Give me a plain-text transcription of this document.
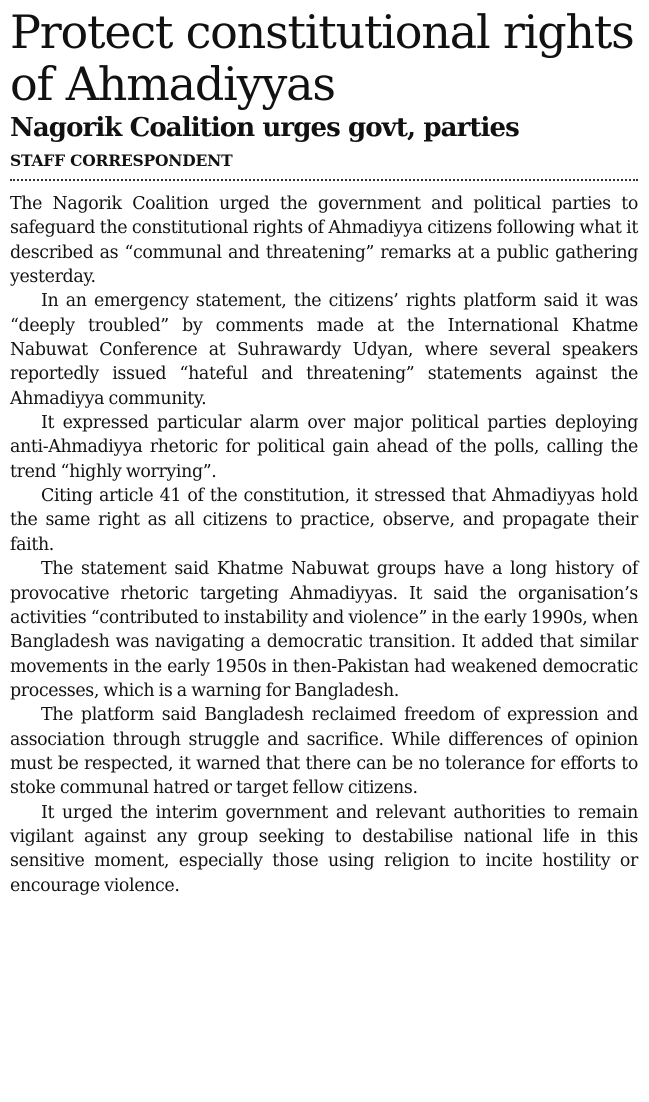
Protect constitutional rights of Ahmadiyyas
Nagorik Coalition urges govt, parties
STAFF CORRESPONDENT

The Nagorik Coalition urged the government and political parties to safeguard the constitutional rights of Ahmadiyya citizens following what it described as “communal and threatening” remarks at a public gathering yesterday.

In an emergency statement, the citizens’ rights platform said it was “deeply troubled” by comments made at the International Khatme Nabuwat Conference at Suhrawardy Udyan, where several speakers reportedly issued “hateful and threatening” statements against the Ahmadiyya community.

It expressed particular alarm over major political parties deploying anti-Ahmadiyya rhetoric for political gain ahead of the polls, calling the trend “highly worrying”.

Citing article 41 of the constitution, it stressed that Ahmadiyyas hold the same right as all citizens to practice, observe, and propagate their faith.

The statement said Khatme Nabuwat groups have a long history of provocative rhetoric targeting Ahmadiyyas. It said the organisation’s activities “contributed to instability and violence” in the early 1990s, when Bangladesh was navigating a democratic transition. It added that similar movements in the early 1950s in then-Pakistan had weakened democratic processes, which is a warning for Bangladesh.

The platform said Bangladesh reclaimed freedom of expression and association through struggle and sacrifice. While differences of opinion must be respected, it warned that there can be no tolerance for efforts to stoke communal hatred or target fellow citizens.

It urged the interim government and relevant authorities to remain vigilant against any group seeking to destabilise national life in this sensitive moment, especially those using religion to incite hostility or encourage violence.
